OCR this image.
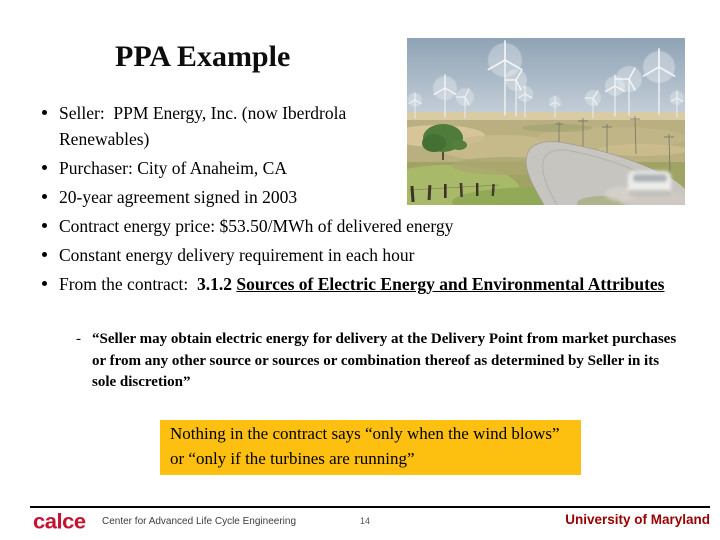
PPA Example
Seller:  PPM Energy, Inc. (now Iberdrola Renewables)
Purchaser: City of Anaheim, CA
20-year agreement signed in 2003
Contract energy price: $53.50/MWh of delivered energy
Constant energy delivery requirement in each hour
From the contract:  3.1.2 Sources of Electric Energy and Environmental Attributes
- “Seller may obtain electric energy for delivery at the Delivery Point from market purchases or from any other source or sources or combination thereof as determined by Seller in its sole discretion”
Nothing in the contract says “only when the wind blows” or “only if the turbines are running”
calce Center for Advanced Life Cycle Engineering	14	University of Maryland
